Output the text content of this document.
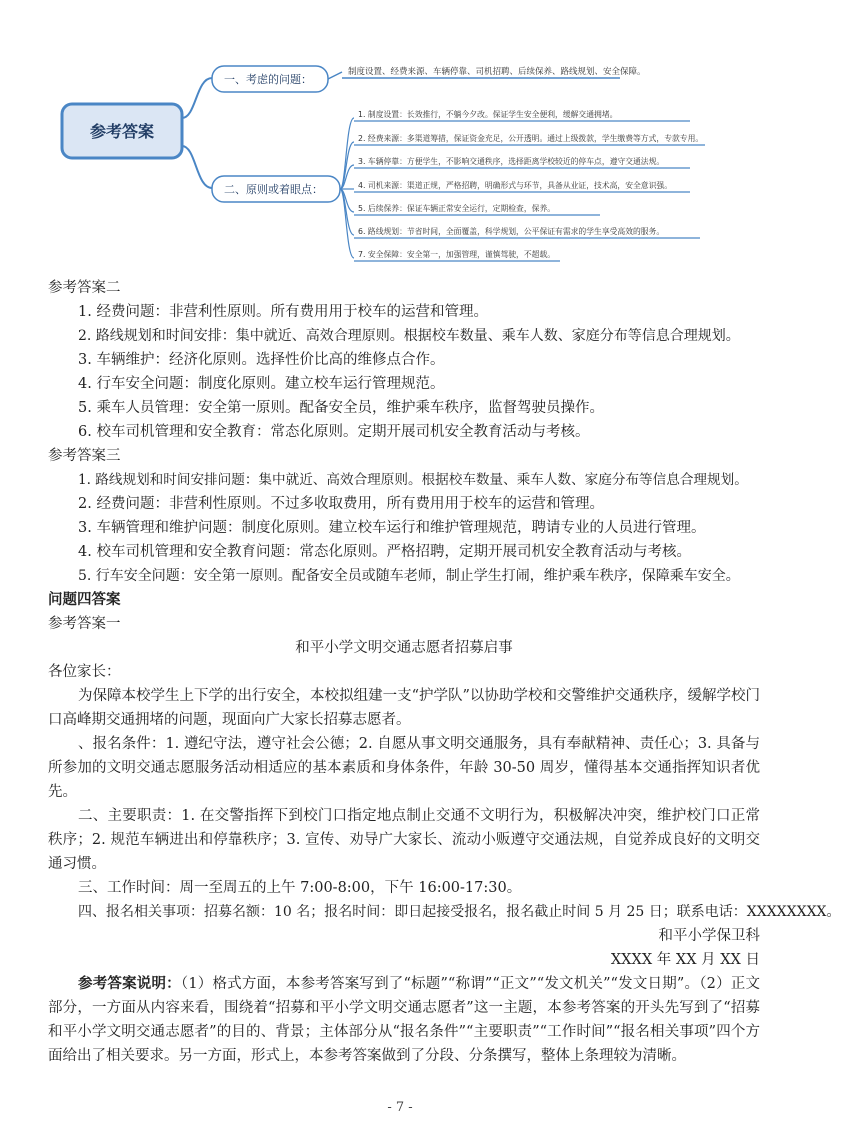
参考答案
一、考虑的问题：
制度设置、经费来源、车辆停靠、司机招聘、后续保养、路线规划、安全保障。
二、原则或着眼点：
1. 制度设置：长效推行，不躺今夕改。保证学生安全便利，缓解交通拥堵。
2. 经费来源：多渠道筹措，保证资金充足，公开透明。通过上级拨款，学生缴费等方式，专款专用。
3. 车辆停靠：方便学生，不影响交通秩序，选择距离学校较近的停车点，遵守交通法规。
4. 司机来源：渠道正规，严格招聘，明确形式与环节，具备从业证，技术高，安全意识强。
5. 后续保养：保证车辆正常安全运行，定期检查，保养。
6. 路线规划：节省时间，全面覆盖，科学规划，公平保证有需求的学生享受高效的服务。
7. 安全保障：安全第一，加强管理，谨慎驾驶，不超载。
参考答案二
1. 经费问题：非营利性原则。所有费用用于校车的运营和管理。
2. 路线规划和时间安排：集中就近、高效合理原则。根据校车数量、乘车人数、家庭分布等信息合理规划。
3. 车辆维护：经济化原则。选择性价比高的维修点合作。
4. 行车安全问题：制度化原则。建立校车运行管理规范。
5. 乘车人员管理：安全第一原则。配备安全员，维护乘车秩序，监督驾驶员操作。
6. 校车司机管理和安全教育：常态化原则。定期开展司机安全教育活动与考核。
参考答案三
1. 路线规划和时间安排问题：集中就近、高效合理原则。根据校车数量、乘车人数、家庭分布等信息合理规划。
2. 经费问题：非营利性原则。不过多收取费用，所有费用用于校车的运营和管理。
3. 车辆管理和维护问题：制度化原则。建立校车运行和维护管理规范，聘请专业的人员进行管理。
4. 校车司机管理和安全教育问题：常态化原则。严格招聘，定期开展司机安全教育活动与考核。
5. 行车安全问题：安全第一原则。配备安全员或随车老师，制止学生打闹，维护乘车秩序，保障乘车安全。
问题四答案
参考答案一
和平小学文明交通志愿者招募启事
各位家长：
为保障本校学生上下学的出行安全，本校拟组建一支“护学队”以协助学校和交警维护交通秩序，缓解学校门口高峰期交通拥堵的问题，现面向广大家长招募志愿者。
、报名条件：1. 遵纪守法，遵守社会公德；2. 自愿从事文明交通服务，具有奉献精神、责任心；3. 具备与所参加的文明交通志愿服务活动相适应的基本素质和身体条件，年龄 30-50 周岁，懂得基本交通指挥知识者优先。
二、主要职责：1. 在交警指挥下到校门口指定地点制止交通不文明行为，积极解决冲突，维护校门口正常秩序；2. 规范车辆进出和停靠秩序；3. 宣传、劝导广大家长、流动小贩遵守交通法规，自觉养成良好的文明交通习惯。
三、工作时间：周一至周五的上午 7:00-8:00，下午 16:00-17:30。
四、报名相关事项：招募名额：10 名；报名时间：即日起接受报名，报名截止时间 5 月 25 日；联系电话：XXXXXXXX。
和平小学保卫科
XXXX 年 XX 月 XX 日
参考答案说明：（1）格式方面，本参考答案写到了“标题”“称谓”“正文”“发文机关”“发文日期”。（2）正文部分，一方面从内容来看，围绕着“招募和平小学文明交通志愿者”这一主题，本参考答案的开头先写到了“招募和平小学文明交通志愿者”的目的、背景；主体部分从“报名条件”“主要职责”“工作时间”“报名相关事项”四个方面给出了相关要求。另一方面，形式上，本参考答案做到了分段、分条撰写，整体上条理较为清晰。
- 7 -
